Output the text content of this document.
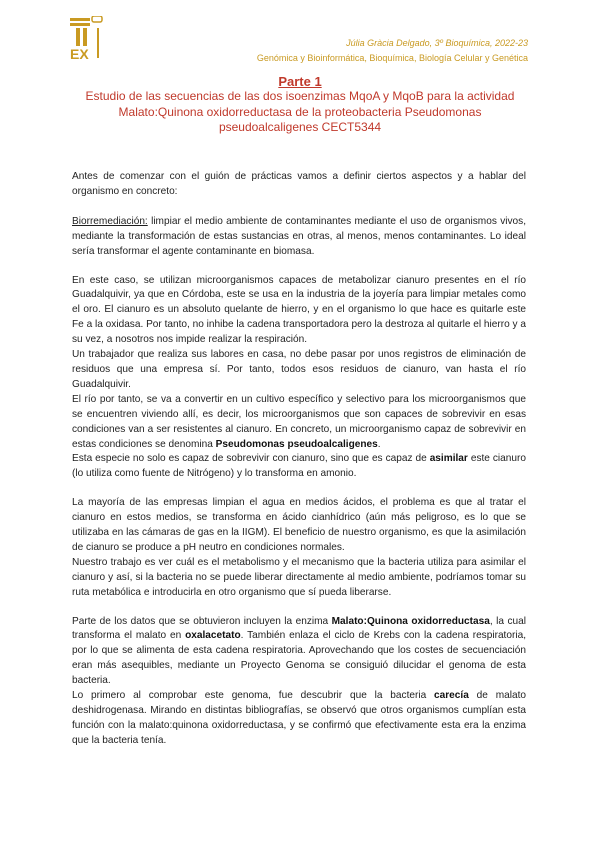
EX
Júlia Gràcia Delgado, 3º Bioquímica, 2022-23
Genómica y Bioinformática, Bioquímica, Biología Celular y Genética
Parte 1
Estudio de las secuencias de las dos isoenzimas MqoA y MqoB para la actividad
Malato:Quinona oxidorreductasa de la proteobacteria Pseudomonas
pseudoalcaligenes CECT5344

Antes de comenzar con el guión de prácticas vamos a definir ciertos aspectos y a hablar del organismo en concreto:

Biorremediación: limpiar el medio ambiente de contaminantes mediante el uso de organismos vivos, mediante la transformación de estas sustancias en otras, al menos, menos contaminantes. Lo ideal sería transformar el agente contaminante en biomasa.

En este caso, se utilizan microorganismos capaces de metabolizar cianuro presentes en el río Guadalquivir, ya que en Córdoba, este se usa en la industria de la joyería para limpiar metales como el oro. El cianuro es un absoluto quelante de hierro, y en el organismo lo que hace es quitarle este Fe a la oxidasa. Por tanto, no inhibe la cadena transportadora pero la destroza al quitarle el hierro y a su vez, a nosotros nos impide realizar la respiración.

Un trabajador que realiza sus labores en casa, no debe pasar por unos registros de eliminación de residuos que una empresa sí. Por tanto, todos esos residuos de cianuro, van hasta el río Guadalquivir.

El río por tanto, se va a convertir en un cultivo específico y selectivo para los microorganismos que se encuentren viviendo allí, es decir, los microorganismos que son capaces de sobrevivir en esas condiciones van a ser resistentes al cianuro. En concreto, un microorganismo capaz de sobrevivir en estas condiciones se denomina Pseudomonas pseudoalcaligenes.

Esta especie no solo es capaz de sobrevivir con cianuro, sino que es capaz de asimilar este cianuro (lo utiliza como fuente de Nitrógeno) y lo transforma en amonio.

La mayoría de las empresas limpian el agua en medios ácidos, el problema es que al tratar el cianuro en estos medios, se transforma en ácido cianhídrico (aún más peligroso, es lo que se utilizaba en las cámaras de gas en la IIGM). El beneficio de nuestro organismo, es que la asimilación de cianuro se produce a pH neutro en condiciones normales.

Nuestro trabajo es ver cuál es el metabolismo y el mecanismo que la bacteria utiliza para asimilar el cianuro y así, si la bacteria no se puede liberar directamente al medio ambiente, podríamos tomar su ruta metabólica e introducirla en otro organismo que sí pueda liberarse.

Parte de los datos que se obtuvieron incluyen la enzima Malato:Quinona oxidorreductasa, la cual transforma el malato en oxalacetato. También enlaza el ciclo de Krebs con la cadena respiratoria, por lo que se alimenta de esta cadena respiratoria. Aprovechando que los costes de secuenciación eran más asequibles, mediante un Proyecto Genoma se consiguió dilucidar el genoma de esta bacteria.

Lo primero al comprobar este genoma, fue descubrir que la bacteria carecía de malato deshidrogenasa. Mirando en distintas bibliografías, se observó que otros organismos cumplían esta función con la malato:quinona oxidorreductasa, y se confirmó que efectivamente esta era la enzima que la bacteria tenía.
